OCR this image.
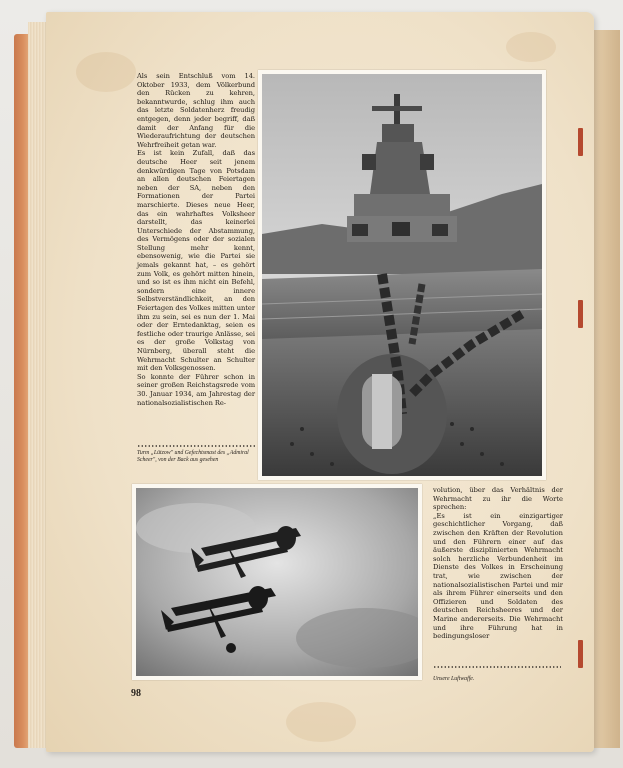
Als sein Entschluß vom 14. Oktober 1933, dem Völkerbund den Rücken zu kehren, bekanntwurde, schlug ihm auch das letzte Soldatenherz freudig entgegen, denn jeder begriff, daß damit der Anfang für die Wiederaufrichtung der deutschen Wehrfreiheit getan war.

Es ist kein Zufall, daß das deutsche Heer seit jenem denkwürdigen Tage von Potsdam an allen deutschen Feiertagen neben der SA, neben den Formationen der Partei marschierte. Dieses neue Heer, das ein wahrhaftes Volksheer darstellt, das keinerlei Unterschiede der Abstammung, des Vermögens oder der sozialen Stellung mehr kennt, ebensowenig, wie die Partei sie jemals gekannt hat, – es gehört zum Volk, es gehört mitten hinein, und so ist es ihm nicht ein Befehl, sondern eine innere Selbstverständlichkeit, an den Feiertagen des Volkes mitten unter ihm zu sein, sei es nun der 1. Mai oder der Erntedanktag, seien es festliche oder traurige Anlässe, sei es der große Volkstag von Nürnberg, überall steht die Wehrmacht Schulter an Schulter mit den Volksgenossen.

So konnte der Führer schon in seiner großen Reichstagsrede vom 30. Januar 1934, am Jahrestag der nationalsozialistischen Re-

Turm „Lützow" und Gefechtsmast des „Admiral Scheer", von der Back aus gesehen

volution, über das Verhältnis der Wehrmacht zu ihr die Worte sprechen:

„Es ist ein einzigartiger geschichtlicher Vorgang, daß zwischen den Kräften der Revolution und den Führern einer auf das äußerste disziplinierten Wehrmacht solch herzliche Verbundenheit im Dienste des Volkes in Erscheinung trat, wie zwischen der nationalsozialistischen Partei und mir als ihrem Führer einerseits und den Offizieren und Soldaten des deutschen Reichsheeres und der Marine andererseits. Die Wehrmacht und ihre Führung hat in bedingungsloser

Unsere Luftwaffe.
98
